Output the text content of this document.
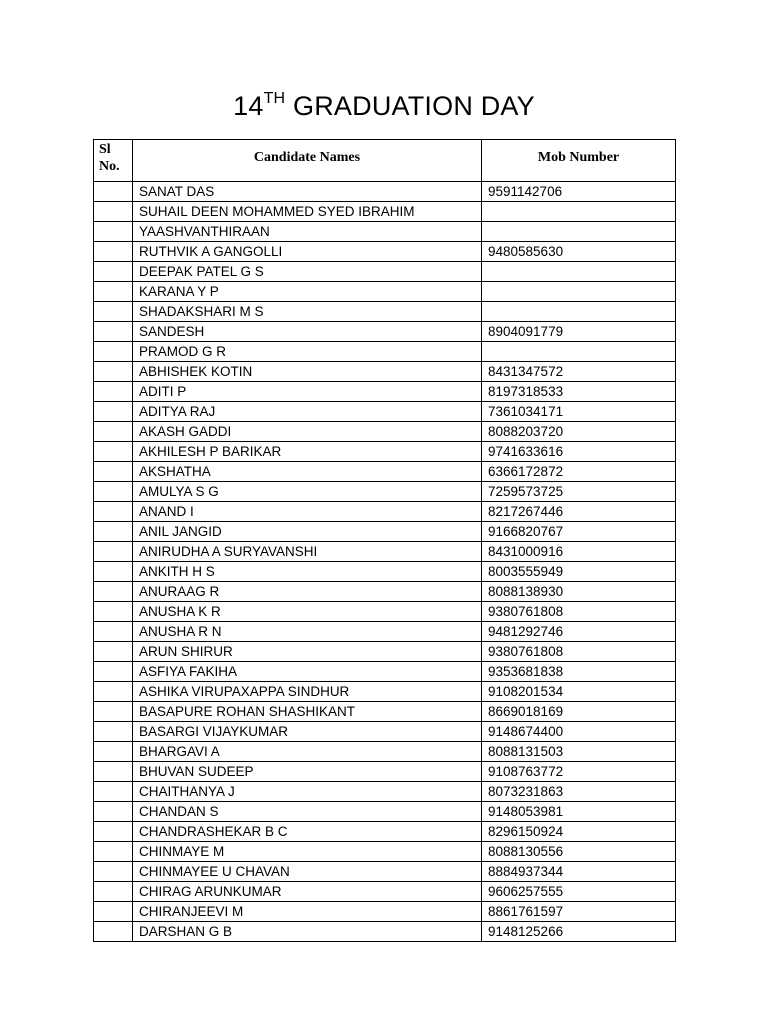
14TH GRADUATION DAY
Sl
No.	Candidate Names	Mob Number
	SANAT DAS	9591142706
	SUHAIL DEEN MOHAMMED SYED IBRAHIM	
	YAASHVANTHIRAAN	
	RUTHVIK A GANGOLLI	9480585630
	DEEPAK PATEL G S	
	KARANA Y P	
	SHADAKSHARI M S	
	SANDESH	8904091779
	PRAMOD G R	
	ABHISHEK KOTIN	8431347572
	ADITI P	8197318533
	ADITYA RAJ	7361034171
	AKASH GADDI	8088203720
	AKHILESH P BARIKAR	9741633616
	AKSHATHA	6366172872
	AMULYA S G	7259573725
	ANAND I	8217267446
	ANIL JANGID	9166820767
	ANIRUDHA A SURYAVANSHI	8431000916
	ANKITH H S	8003555949
	ANURAAG R	8088138930
	ANUSHA K R	9380761808
	ANUSHA R N	9481292746
	ARUN SHIRUR	9380761808
	ASFIYA FAKIHA	9353681838
	ASHIKA VIRUPAXAPPA SINDHUR	9108201534
	BASAPURE ROHAN SHASHIKANT	8669018169
	BASARGI VIJAYKUMAR	9148674400
	BHARGAVI A	8088131503
	BHUVAN SUDEEP	9108763772
	CHAITHANYA J	8073231863
	CHANDAN S	9148053981
	CHANDRASHEKAR B C	8296150924
	CHINMAYE M	8088130556
	CHINMAYEE U CHAVAN	8884937344
	CHIRAG ARUNKUMAR	9606257555
	CHIRANJEEVI M	8861761597
	DARSHAN G B	9148125266
